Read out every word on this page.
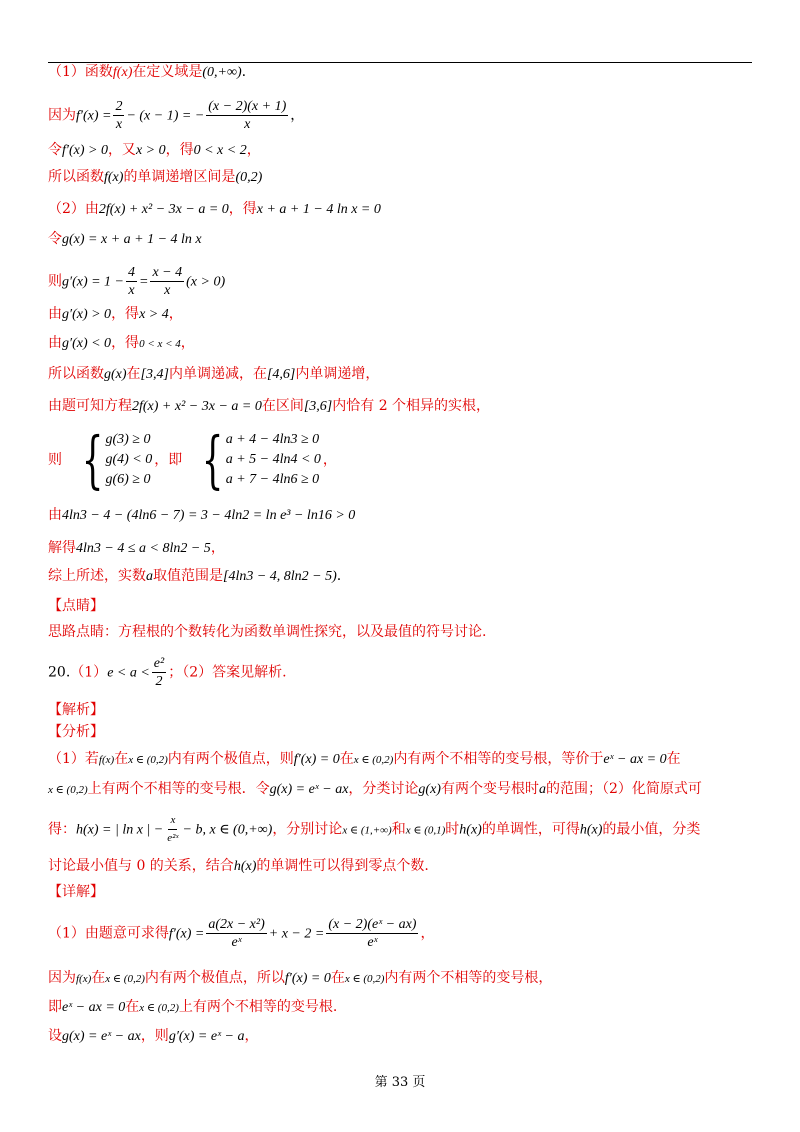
（1）函数f(x)在定义域是(0,+∞).
因为$f'(x) = \frac{2}{x} - (x - 1)$ = − $\frac{(x - 2)(x + 1)}{x}$ ，
令f′(x) > 0，又x > 0，得0 < x < 2，
所以函数f(x)的单调递增区间是(0,2)
（2）由2f(x) + x² − 3x − a = 0，得x + a + 1 − 4 ln x = 0
令g(x) = x + a + 1 − 4 ln x
则$g'(x) = 1 - \frac{4}{x} = \frac{x - 4}{x} (x > 0)$
由g′(x) > 0，得x > 4，
由g′(x) < 0，得0 < x < 4，
所以函数g(x)在[3,4]内单调递减，在[4,6]内单调递增，
由题可知方程2f(x) + x² − 3x − a = 0在区间[3,6]内恰有 2 个相异的实根，
则 { g(3) ≥ 0
g(4) < 0
g(6) ≥ 0
，即 { a + 4 − 4ln3 ≥ 0
a + 5 − 4ln4 < 0
a + 7 − 4ln6 ≥ 0
，
由4ln3 − 4 − (4ln6 − 7) = 3 − 4ln2 = ln e³ − ln16 > 0
解得4ln3 − 4 ≤ a < 8ln2 − 5，
综上所述，实数a取值范围是[4ln3 − 4, 8ln2 − 5).
【点睛】
思路点睛：方程根的个数转化为函数单调性探究，以及最值的符号讨论.
$20.(1)e < a < \frac{\text{e²}}{2}$ ；（2）答案见解析.
【解析】
【分析】
（1）若f(x)在x ∈ (0,2)内有两个极值点，则f′(x) = 0在x ∈ (0,2)内有两个不相等的变号根，等价于eˣ − ax = 0在
x ∈ (0,2)上有两个不相等的变号根．令g(x) = eˣ − ax，分类讨论g(x)有两个变号根时a的范围；（2）化简原式可
得：h(x) = | ln x | − $\frac{x}{\text{e²ˣ}} - b$, x ∈ (0,+∞)，分别讨论x ∈ (1,+∞)和x ∈ (0,1)时h(x)的单调性，可得h(x)的最小值，分类
讨论最小值与 0 的关系，结合h(x)的单调性可以得到零点个数.
【详解】
（1）由题意可求得$f'(x) = \frac{\text{a(2x − x²)}}{\text{eˣ}} + x - 2 = \frac{\text{(x − 2)(eˣ − ax)}}{\text{eˣ}}$ ，
因为f(x)在x ∈ (0,2)内有两个极值点，所以f′(x) = 0在x ∈ (0,2)内有两个不相等的变号根，
即eˣ − ax = 0在x ∈ (0,2)上有两个不相等的变号根.
设g(x) = eˣ − ax，则g′(x) = eˣ − a，
第 33 页
